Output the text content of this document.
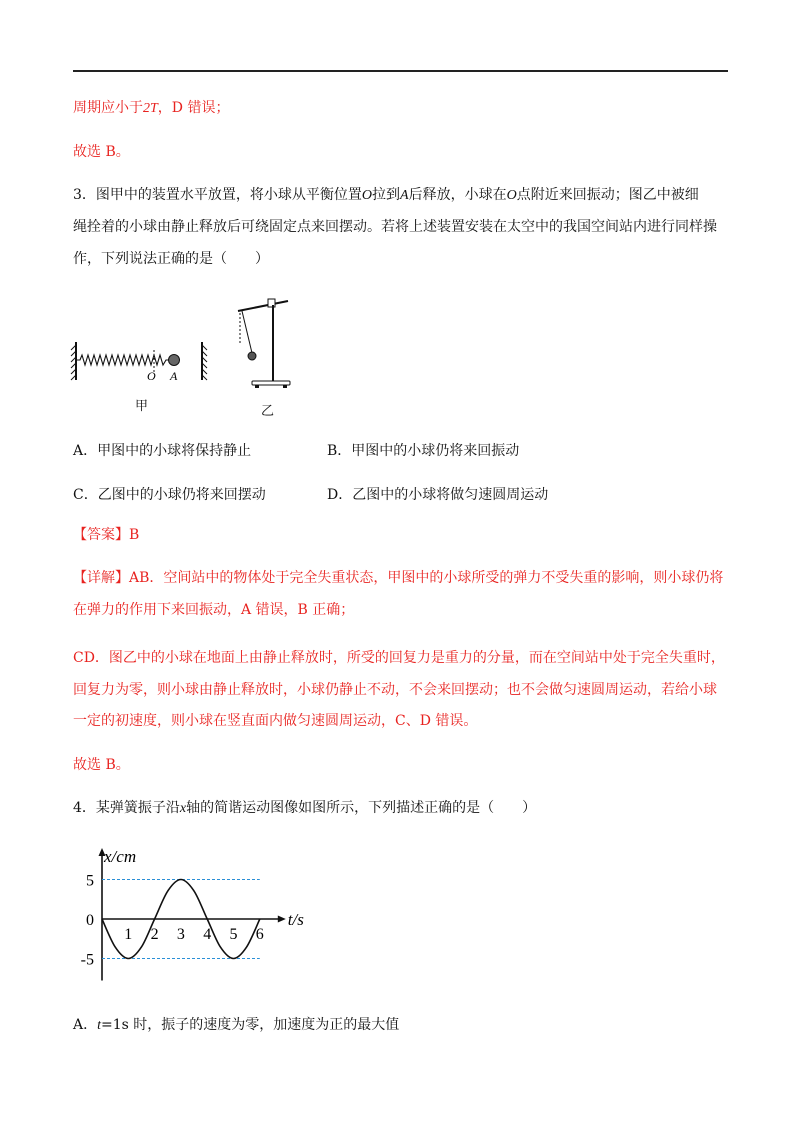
周期应小于2T，D 错误；
故选 B。
3．图甲中的装置水平放置，将小球从平衡位置O拉到A后释放，小球在O点附近来回振动；图乙中被细
绳拴着的小球由静止释放后可绕固定点来回摆动。若将上述装置安装在太空中的我国空间站内进行同样操
作，下列说法正确的是（　　）
O A
甲	乙
A．甲图中的小球将保持静止	B．甲图中的小球仍将来回振动
C．乙图中的小球仍将来回摆动	D．乙图中的小球将做匀速圆周运动
【答案】B
【详解】AB．空间站中的物体处于完全失重状态，甲图中的小球所受的弹力不受失重的影响，则小球仍将
在弹力的作用下来回振动，A 错误，B 正确；
CD．图乙中的小球在地面上由静止释放时，所受的回复力是重力的分量，而在空间站中处于完全失重时，
回复力为零，则小球由静止释放时，小球仍静止不动，不会来回摆动；也不会做匀速圆周运动，若给小球
一定的初速度，则小球在竖直面内做匀速圆周运动，C、D 错误。
故选 B。
4．某弹簧振子沿x轴的简谐运动图像如图所示，下列描述正确的是（　　）
x/cm
t/s
5
0
-5
1 2 3 4 5 6
A．t=1s 时，振子的速度为零，加速度为正的最大值
